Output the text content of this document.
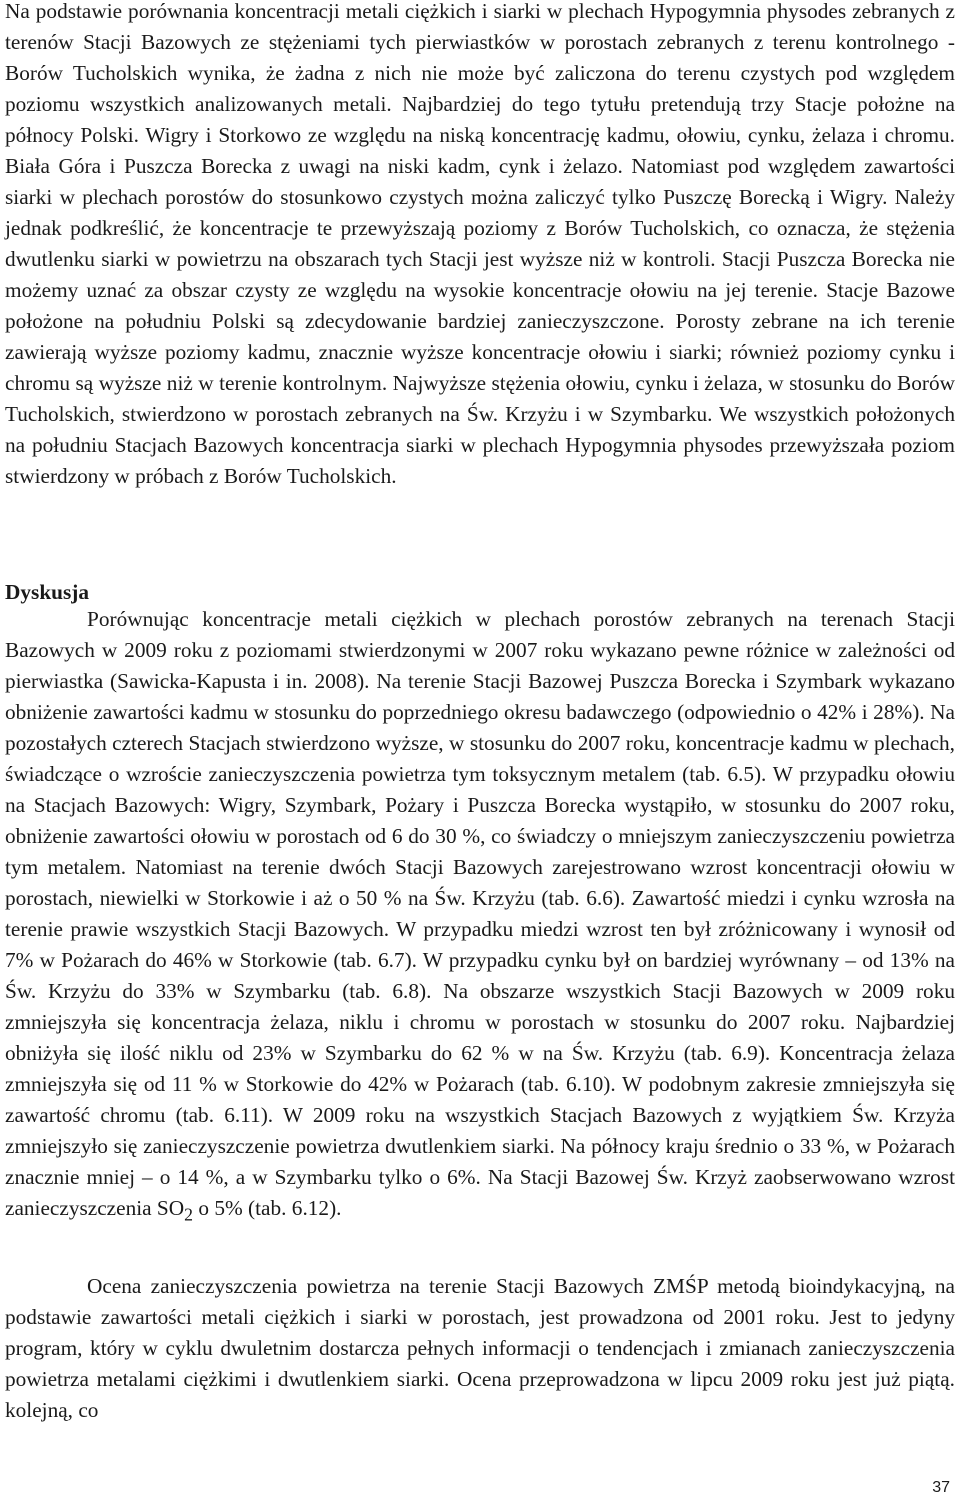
Na podstawie porównania koncentracji metali ciężkich i siarki w plechach Hypogymnia physodes zebranych z terenów Stacji Bazowych ze stężeniami tych pierwiastków w porostach zebranych z terenu kontrolnego - Borów Tucholskich wynika, że żadna z nich nie może być zaliczona do terenu czystych pod względem poziomu wszystkich analizowanych metali. Najbardziej do tego tytułu pretendują trzy Stacje położne na północy Polski. Wigry i Storkowo ze względu na niską koncentrację kadmu, ołowiu, cynku, żelaza i chromu. Biała Góra i Puszcza Borecka z uwagi na niski kadm, cynk i żelazo. Natomiast pod względem zawartości siarki w plechach porostów do stosunkowo czystych można zaliczyć tylko Puszczę Borecką i Wigry. Należy jednak podkreślić, że koncentracje te przewyższają poziomy z Borów Tucholskich, co oznacza, że stężenia dwutlenku siarki w powietrzu na obszarach tych Stacji jest wyższe niż w kontroli. Stacji Puszcza Borecka nie możemy uznać za obszar czysty ze względu na wysokie koncentracje ołowiu na jej terenie. Stacje Bazowe położone na południu Polski są zdecydowanie bardziej zanieczyszczone. Porosty zebrane na ich terenie zawierają wyższe poziomy kadmu, znacznie wyższe koncentracje ołowiu i siarki; również poziomy cynku i chromu są wyższe niż w terenie kontrolnym. Najwyższe stężenia ołowiu, cynku i żelaza, w stosunku do Borów Tucholskich, stwierdzono w porostach zebranych na Św. Krzyżu i w Szymbarku. We wszystkich położonych na południu Stacjach Bazowych koncentracja siarki w plechach Hypogymnia physodes przewyższała poziom stwierdzony w próbach z Borów Tucholskich.

Dyskusja

Porównując koncentracje metali ciężkich w plechach porostów zebranych na terenach Stacji Bazowych w 2009 roku z poziomami stwierdzonymi w 2007 roku wykazano pewne różnice w zależności od pierwiastka (Sawicka-Kapusta i in. 2008). Na terenie Stacji Bazowej Puszcza Borecka i Szymbark wykazano obniżenie zawartości kadmu w stosunku do poprzedniego okresu badawczego (odpowiednio o 42% i 28%). Na pozostałych czterech Stacjach stwierdzono wyższe, w stosunku do 2007 roku, koncentracje kadmu w plechach, świadczące o wzroście zanieczyszczenia powietrza tym toksycznym metalem (tab. 6.5). W przypadku ołowiu na Stacjach Bazowych: Wigry, Szymbark, Pożary i Puszcza Borecka wystąpiło, w stosunku do 2007 roku, obniżenie zawartości ołowiu w porostach od 6 do 30 %, co świadczy o mniejszym zanieczyszczeniu powietrza tym metalem. Natomiast na terenie dwóch Stacji Bazowych zarejestrowano wzrost koncentracji ołowiu w porostach, niewielki w Storkowie i aż o 50 % na Św. Krzyżu (tab. 6.6). Zawartość miedzi i cynku wzrosła na terenie prawie wszystkich Stacji Bazowych. W przypadku miedzi wzrost ten był zróżnicowany i wynosił od 7% w Pożarach do 46% w Storkowie (tab. 6.7). W przypadku cynku był on bardziej wyrównany – od 13% na Św. Krzyżu do 33% w Szymbarku (tab. 6.8). Na obszarze wszystkich Stacji Bazowych w 2009 roku zmniejszyła się koncentracja żelaza, niklu i chromu w porostach w stosunku do 2007 roku. Najbardziej obniżyła się ilość niklu od 23% w Szymbarku do 62 % w na Św. Krzyżu (tab. 6.9). Koncentracja żelaza zmniejszyła się od 11 % w Storkowie do 42% w Pożarach (tab. 6.10). W podobnym zakresie zmniejszyła się zawartość chromu (tab. 6.11). W 2009 roku na wszystkich Stacjach Bazowych z wyjątkiem Św. Krzyża zmniejszyło się zanieczyszczenie powietrza dwutlenkiem siarki. Na północy kraju średnio o 33 %, w Pożarach znacznie mniej – o 14 %, a w Szymbarku tylko o 6%. Na Stacji Bazowej Św. Krzyż zaobserwowano wzrost zanieczyszczenia $SO_2$ o 5% (tab. 6.12).

Ocena zanieczyszczenia powietrza na terenie Stacji Bazowych ZMŚP metodą bioindykacyjną, na podstawie zawartości metali ciężkich i siarki w porostach, jest prowadzona od 2001 roku. Jest to jedyny program, który w cyklu dwuletnim dostarcza pełnych informacji o tendencjach i zmianach zanieczyszczenia powietrza metalami ciężkimi i dwutlenkiem siarki. Ocena przeprowadzona w lipcu 2009 roku jest już piątą. kolejną, co

37
